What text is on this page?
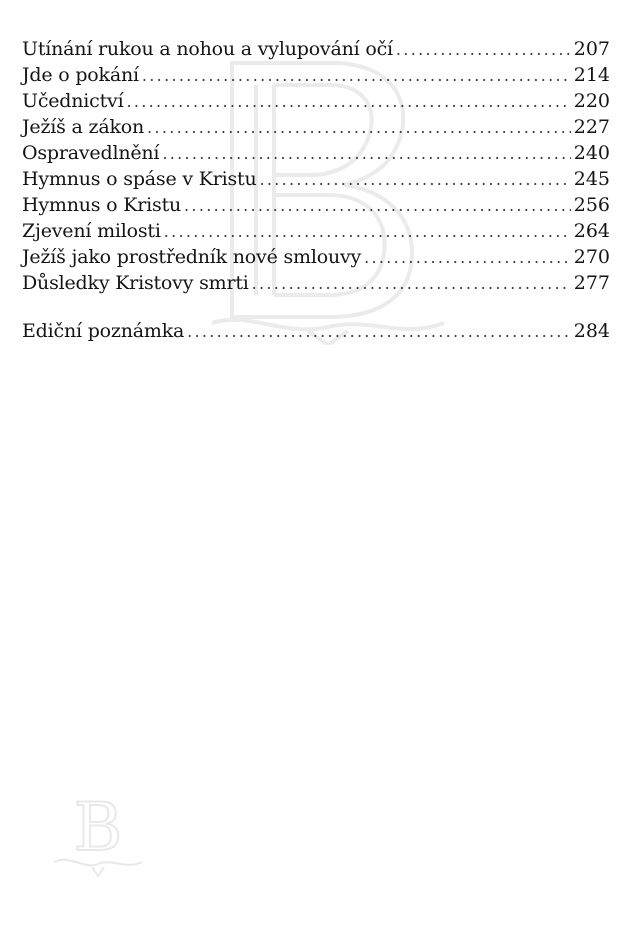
B
Utínání rukou a nohou a vylupování očí .....	207
Jde o pokání .....	214
Učednictví .....	220
Ježíš a zákon .....	227
Ospravedlnění .....	240
Hymnus o spáse v Kristu .....	245
Hymnus o Kristu .....	256
Zjevení milosti .....	264
Ježíš jako prostředník nové smlouvy .....	270
Důsledky Kristovy smrti .....	277
Ediční poznámka .....	284
